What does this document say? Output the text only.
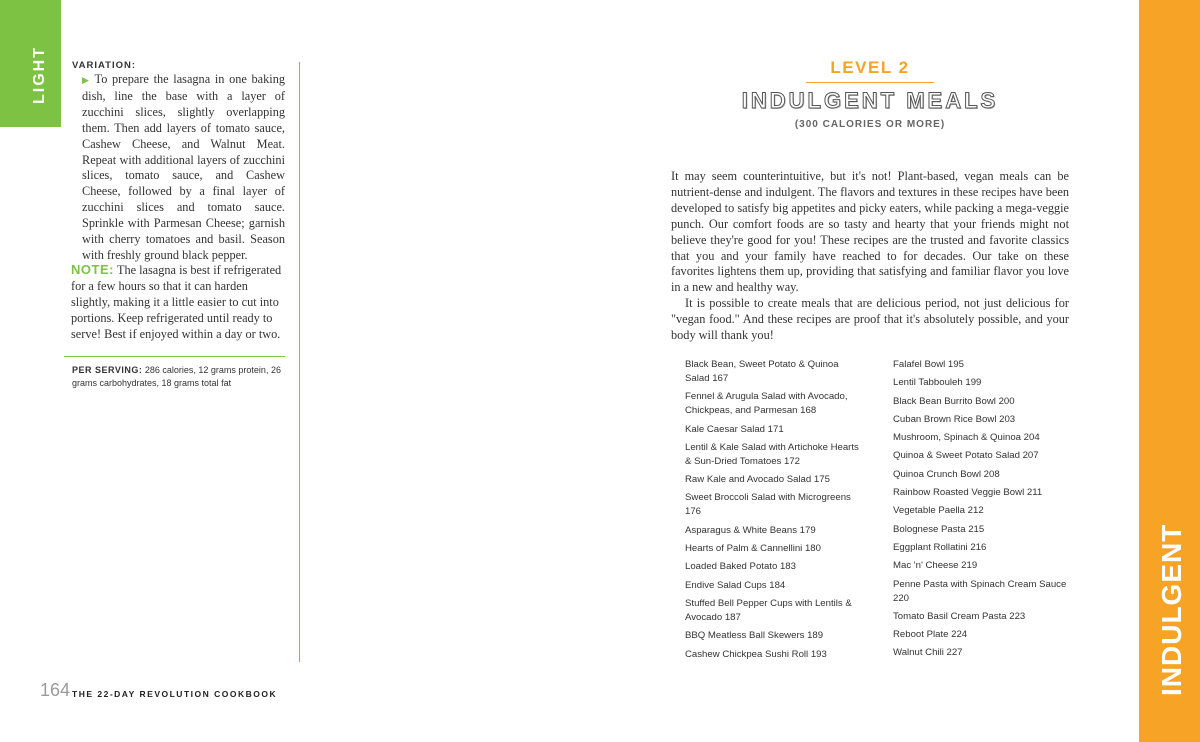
LIGHT	VARIATION:
▶ To prepare the lasagna in one baking dish, line the base with a layer of zucchini slices, slightly overlapping them. Then add layers of tomato sauce, Cashew Cheese, and Walnut Meat. Repeat with additional layers of zucchini slices, tomato sauce, and Cashew Cheese, followed by a final layer of zucchini slices and tomato sauce. Sprinkle with Parmesan Cheese; garnish with cherry tomatoes and basil. Season with freshly ground black pepper.
NOTE: The lasagna is best if refrigerated for a few hours so that it can harden slightly, making it a little easier to cut into portions. Keep refrigerated until ready to serve! Best if enjoyed within a day or two.
PER SERVING: 286 calories, 12 grams protein, 26 grams carbohydrates, 18 grams total fat
164 THE 22-DAY REVOLUTION COOKBOOK
LEVEL 2
INDULGENT MEALS
(300 CALORIES OR MORE)

It may seem counterintuitive, but it's not! Plant-based, vegan meals can be nutrient-dense and indulgent. The flavors and textures in these recipes have been developed to satisfy big appetites and picky eaters, while packing a mega-veggie punch. Our comfort foods are so tasty and hearty that your friends might not believe they're good for you! These recipes are the trusted and favorite classics that you and your family have reached to for decades. Our take on these favorites lightens them up, providing that satisfying and familiar flavor you love in a new and healthy way.

It is possible to create meals that are delicious period, not just delicious for "vegan food." And these recipes are proof that it's absolutely possible, and your body will thank you!

Black Bean, Sweet Potato & Quinoa Salad 167
Fennel & Arugula Salad with Avocado, Chickpeas, and Parmesan 168
Kale Caesar Salad 171
Lentil & Kale Salad with Artichoke Hearts & Sun-Dried Tomatoes 172
Raw Kale and Avocado Salad 175
Sweet Broccoli Salad with Microgreens 176
Asparagus & White Beans 179
Hearts of Palm & Cannellini 180
Loaded Baked Potato 183
Endive Salad Cups 184
Stuffed Bell Pepper Cups with Lentils & Avocado 187
BBQ Meatless Ball Skewers 189
Cashew Chickpea Sushi Roll 193
Falafel Bowl 195
Lentil Tabbouleh 199
Black Bean Burrito Bowl 200
Cuban Brown Rice Bowl 203
Mushroom, Spinach & Quinoa 204
Quinoa & Sweet Potato Salad 207
Quinoa Crunch Bowl 208
Rainbow Roasted Veggie Bowl 211
Vegetable Paella 212
Bolognese Pasta 215
Eggplant Rollatini 216
Mac 'n' Cheese 219
Penne Pasta with Spinach Cream Sauce 220
Tomato Basil Cream Pasta 223
Reboot Plate 224
Walnut Chili 227	INDULGENT
